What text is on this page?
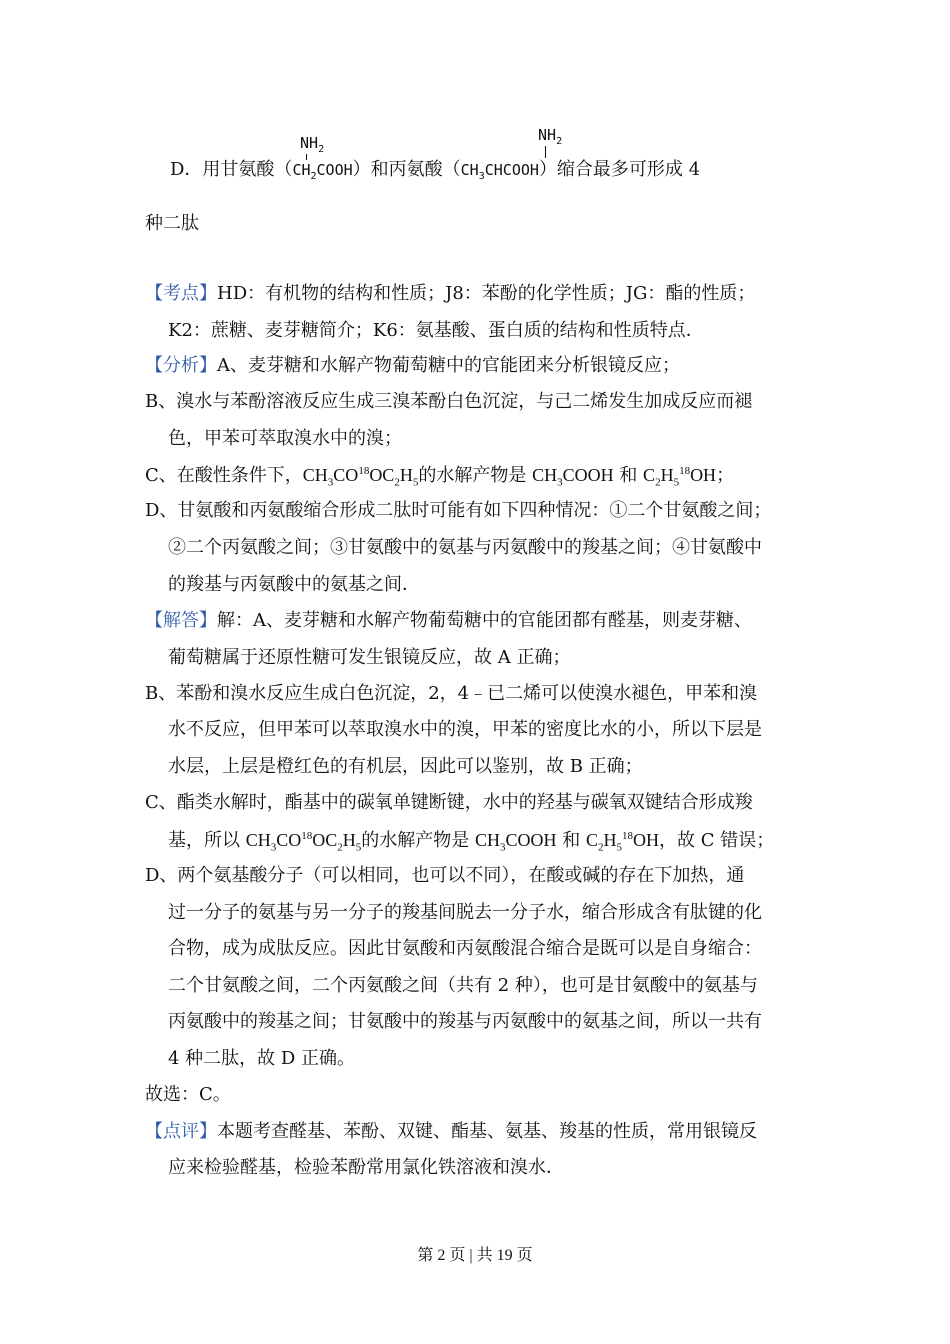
$NH_2$
$NH_2$
D．用甘氨酸$(CH_2COOH)$和丙氨酸$(CH_3CHCOOH)$缩合最多可形成 4
种二肽
【考点】HD：有机物的结构和性质；J8：苯酚的化学性质；JG：酯的性质；
K2：蔗糖、麦芽糖简介；K6：氨基酸、蛋白质的结构和性质特点．
【分析】A、麦芽糖和水解产物葡萄糖中的官能团来分析银镜反应；
B、溴水与苯酚溶液反应生成三溴苯酚白色沉淀，与己二烯发生加成反应而褪
色，甲苯可萃取溴水中的溴；
C、在酸性条件下，$CH_3CO^{18}OC_2H_5$的水解产物是 $CH_3COOH$ 和 $C_2H_5^{18}OH$；
D、甘氨酸和丙氨酸缩合形成二肽时可能有如下四种情况：①二个甘氨酸之间；
②二个丙氨酸之间；③甘氨酸中的氨基与丙氨酸中的羧基之间；④甘氨酸中
的羧基与丙氨酸中的氨基之间．
【解答】解：A、麦芽糖和水解产物葡萄糖中的官能团都有醛基，则麦芽糖、
葡萄糖属于还原性糖可发生银镜反应，故 A 正确；
B、苯酚和溴水反应生成白色沉淀，2，4﹣已二烯可以使溴水褪色，甲苯和溴
水不反应，但甲苯可以萃取溴水中的溴，甲苯的密度比水的小，所以下层是
水层，上层是橙红色的有机层，因此可以鉴别，故 B 正确；
C、酯类水解时，酯基中的碳氧单键断键，水中的羟基与碳氧双键结合形成羧
基，所以 $CH_3CO^{18}OC_2H_5$的水解产物是 $CH_3COOH$ 和 $C_2H_5^{18}OH$，故 C 错误；
D、两个氨基酸分子（可以相同，也可以不同），在酸或碱的存在下加热，通
过一分子的氨基与另一分子的羧基间脱去一分子水，缩合形成含有肽键的化
合物，成为成肽反应。因此甘氨酸和丙氨酸混合缩合是既可以是自身缩合：
二个甘氨酸之间，二个丙氨酸之间（共有 2 种），也可是甘氨酸中的氨基与
丙氨酸中的羧基之间；甘氨酸中的羧基与丙氨酸中的氨基之间，所以一共有
4 种二肽，故 D 正确。
故选：C。
【点评】本题考查醛基、苯酚、双键、酯基、氨基、羧基的性质，常用银镜反
应来检验醛基，检验苯酚常用氯化铁溶液和溴水．
第 2 页 | 共 19 页
